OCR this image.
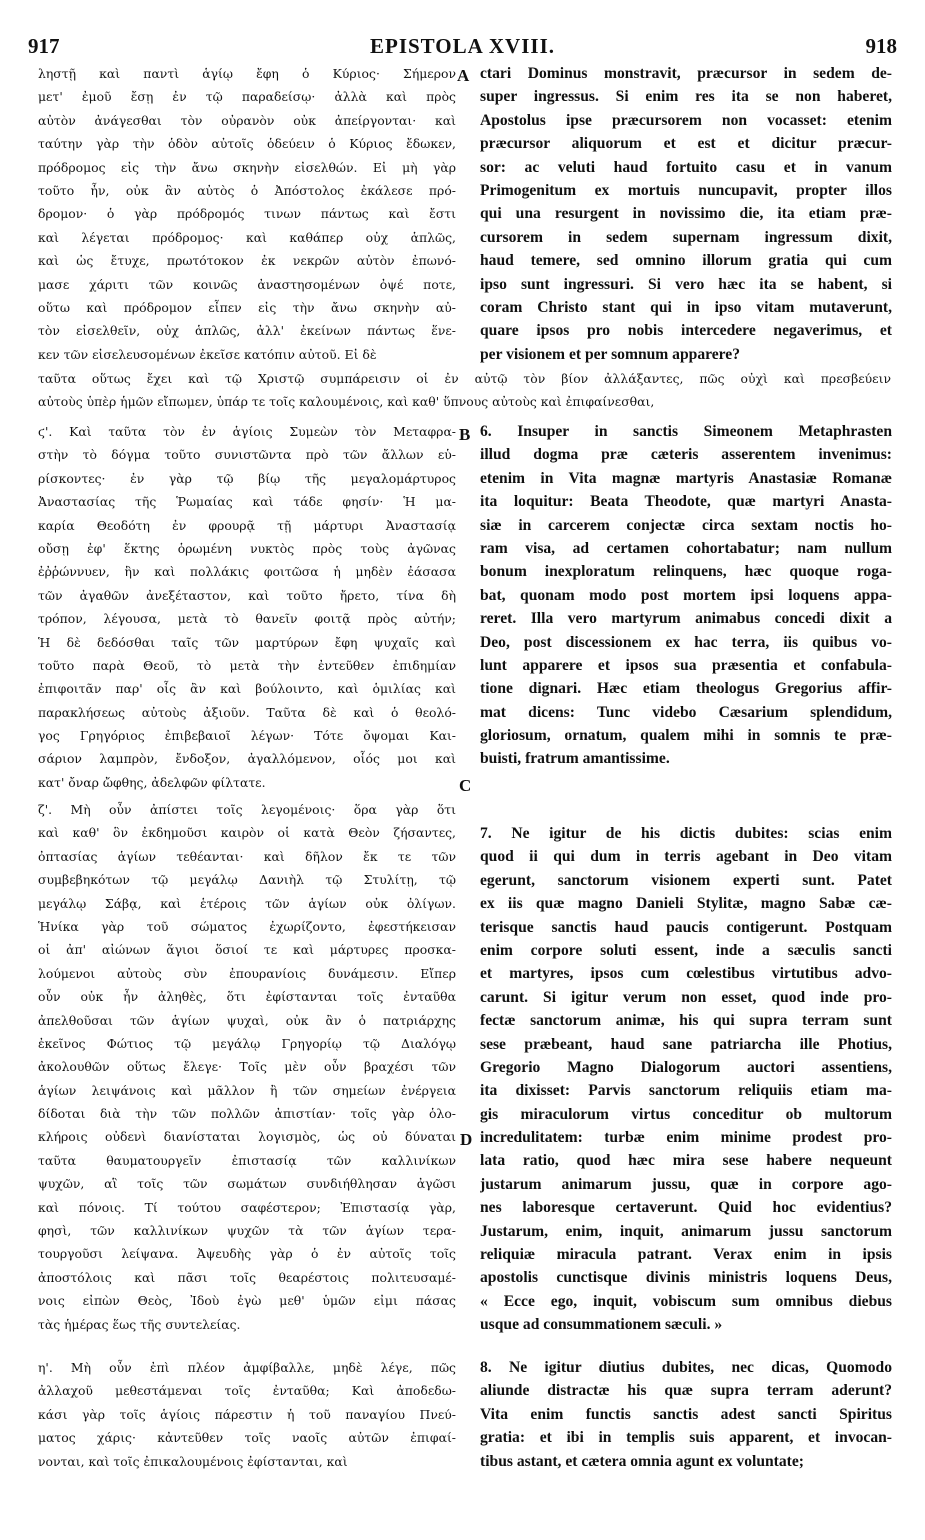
917	EPISTOLA XVIII.	918
ληστῇ καὶ παντὶ ἁγίῳ ἔφη ὁ Κύριος· Σήμερον
μετ' ἐμοῦ ἔσῃ ἐν τῷ παραδείσῳ· ἀλλὰ καὶ πρὸς
αὐτὸν ἀνάγεσθαι τὸν οὐρανὸν οὐκ ἀπείργονται· καὶ
ταύτην γὰρ τὴν ὁδὸν αὐτοῖς ὁδεύειν ὁ Κύριος ἔδωκεν,
πρόδρομος εἰς τὴν ἄνω σκηνὴν εἰσελθών. Εἰ μὴ γὰρ
τοῦτο ἦν, οὐκ ἂν αὐτὸς ὁ Ἀπόστολος ἐκάλεσε πρό-
δρομον· ὁ γὰρ πρόδρομός τινων πάντως καὶ ἔστι
καὶ λέγεται πρόδρομος· καὶ καθάπερ οὐχ ἁπλῶς,
καὶ ὡς ἔτυχε, πρωτότοκον ἐκ νεκρῶν αὐτὸν ἐπωνό-
μασε χάριτι τῶν κοινῶς ἀναστησομένων ὀψέ ποτε,
οὕτω καὶ πρόδρομον εἶπεν εἰς τὴν ἄνω σκηνὴν αὐ-
τὸν εἰσελθεῖν, οὐχ ἁπλῶς, ἀλλ' ἐκείνων πάντως ἕνε-
κεν τῶν εἰσελευσομένων ἐκεῖσε κατόπιν αὐτοῦ. Εἰ δὲ
ctari Dominus monstravit, præcursor in sedem de-
super ingressus. Si enim res ita se non haberet,
Apostolus ipse præcursorem non vocasset: etenim
præcursor aliquorum et est et dicitur præcur-
sor: ac veluti haud fortuito casu et in vanum
Primogenitum ex mortuis nuncupavit, propter illos
qui una resurgent in novissimo die, ita etiam præ-
cursorem in sedem supernam ingressum dixit,
haud temere, sed omnino illorum gratia qui cum
ipso sunt ingressuri. Si vero hæc ita se habent, si
coram Christo stant qui in ipso vitam mutaverunt,
quare ipsos pro nobis intercedere negaverimus, et
per visionem et per somnum apparere?
ταῦτα οὕτως ἔχει καὶ τῷ Χριστῷ συμπάρεισιν οἱ ἐν αὐτῷ τὸν βίον ἀλλάξαντες, πῶς οὐχὶ καὶ πρεσβεύειν
αὐτοὺς ὑπὲρ ἡμῶν εἴπωμεν, ὑπάρ τε τοῖς καλουμένοις, καὶ καθ' ὕπνους αὐτοὺς καὶ ἐπιφαίνεσθαι,
ϛ'. Καὶ ταῦτα τὸν ἐν ἁγίοις Συμεὼν τὸν Μεταφρα-
στὴν τὸ δόγμα τοῦτο συνιστῶντα πρὸ τῶν ἄλλων εὑ-
ρίσκοντες· ἐν γὰρ τῷ βίῳ τῆς μεγαλομάρτυρος
Ἀναστασίας τῆς Ῥωμαίας καὶ τάδε φησίν· Ἡ μα-
καρία Θεοδότη ἐν φρουρᾷ τῇ μάρτυρι Ἀναστασίᾳ
οὔσῃ ἐφ' ἕκτης ὁρωμένη νυκτὸς πρὸς τοὺς ἀγῶνας
ἐῤῥώννυεν, ἣν καὶ πολλάκις φοιτῶσα ἡ μηδὲν ἐάσασα
τῶν ἀγαθῶν ἀνεξέταστον, καὶ τοῦτο ἤρετο, τίνα δὴ
τρόπον, λέγουσα, μετὰ τὸ θανεῖν φοιτᾷ πρὸς αὐτήν;
Ἡ δὲ δεδόσθαι ταῖς τῶν μαρτύρων ἔφη ψυχαῖς καὶ
τοῦτο παρὰ Θεοῦ, τὸ μετὰ τὴν ἐντεῦθεν ἐπιδημίαν
ἐπιφοιτᾶν παρ' οἷς ἂν καὶ βούλοιντο, καὶ ὁμιλίας καὶ
παρακλήσεως αὐτοὺς ἀξιοῦν. Ταῦτα δὲ καὶ ὁ θεολό-
γος Γρηγόριος ἐπιβεβαιοῖ λέγων· Τότε ὄψομαι Και-
σάριον λαμπρὸν, ἔνδοξον, ἀγαλλόμενον, οἷός μοι καὶ
κατ' ὄναρ ὤφθης, ἀδελφῶν φίλτατε.
6. Insuper in sanctis Simeonem Metaphrasten
illud dogma præ cæteris asserentem invenimus:
etenim in Vita magnæ martyris Anastasiæ Romanæ
ita loquitur: Beata Theodote, quæ martyri Anasta-
siæ in carcerem conjectæ circa sextam noctis ho-
ram visa, ad certamen cohortabatur; nam nullum
bonum inexploratum relinquens, hæc quoque roga-
bat, quonam modo post mortem ipsi loquens appa-
reret. Illa vero martyrum animabus concedi dixit a
Deo, post discessionem ex hac terra, iis quibus vo-
lunt apparere et ipsos sua præsentia et confabula-
tione dignari. Hæc etiam theologus Gregorius affir-
mat dicens: Tunc videbo Cæsarium splendidum,
gloriosum, ornatum, qualem mihi in somnis te præ-
buisti, fratrum amantissime.
ζ'. Μὴ οὖν ἀπίστει τοῖς λεγομένοις· ὅρα γὰρ ὅτι
καὶ καθ' ὃν ἐκδημοῦσι καιρὸν οἱ κατὰ Θεὸν ζήσαντες,
ὀπτασίας ἁγίων τεθέανται· καὶ δῆλον ἔκ τε τῶν
συμβεβηκότων τῷ μεγάλῳ Δανιὴλ τῷ Στυλίτῃ, τῷ
μεγάλῳ Σάβᾳ, καὶ ἑτέροις τῶν ἁγίων οὐκ ὀλίγων.
Ἡνίκα γὰρ τοῦ σώματος ἐχωρίζοντο, ἐφεστήκεισαν
οἱ ἀπ' αἰώνων ἅγιοι ὅσιοί τε καὶ μάρτυρες προσκα-
λούμενοι αὐτοὺς σὺν ἐπουρανίοις δυνάμεσιν. Εἴπερ
οὖν οὐκ ἦν ἀληθὲς, ὅτι ἐφίστανται τοῖς ἐνταῦθα
ἀπελθοῦσαι τῶν ἁγίων ψυχαὶ, οὐκ ἂν ὁ πατριάρχης
ἐκεῖνος Φώτιος τῷ μεγάλῳ Γρηγορίῳ τῷ Διαλόγῳ
ἀκολουθῶν οὕτως ἔλεγε· Τοῖς μὲν οὖν βραχέσι τῶν
ἁγίων λειψάνοις καὶ μᾶλλον ἢ τῶν σημείων ἐνέργεια
δίδοται διὰ τὴν τῶν πολλῶν ἀπιστίαν· τοῖς γὰρ ὁλο-
κλήροις οὐδενὶ διανίσταται λογισμὸς, ὡς οὐ δύναται
ταῦτα θαυματουργεῖν ἐπιστασίᾳ τῶν καλλινίκων
ψυχῶν, αἳ τοῖς τῶν σωμάτων συνδιήθλησαν ἀγῶσι
καὶ πόνοις. Τί τούτου σαφέστερον; Ἐπιστασίᾳ γὰρ,
φησὶ, τῶν καλλινίκων ψυχῶν τὰ τῶν ἁγίων τερα-
τουργοῦσι λείψανα. Ἀψευδὴς γὰρ ὁ ἐν αὐτοῖς τοῖς
ἀποστόλοις καὶ πᾶσι τοῖς θεαρέστοις πολιτευσαμέ-
νοις εἰπὼν Θεὸς, Ἰδοὺ ἐγὼ μεθ' ὑμῶν εἰμι πάσας
τὰς ἡμέρας ἕως τῆς συντελείας.
7. Ne igitur de his dictis dubites: scias enim
quod ii qui dum in terris agebant in Deo vitam
egerunt, sanctorum visionem experti sunt. Patet
ex iis quæ magno Danieli Stylitæ, magno Sabæ cæ-
terisque sanctis haud paucis contigerunt. Postquam
enim corpore soluti essent, inde a sæculis sancti
et martyres, ipsos cum cœlestibus virtutibus advo-
carunt. Si igitur verum non esset, quod inde pro-
fectæ sanctorum animæ, his qui supra terram sunt
sese præbeant, haud sane patriarcha ille Photius,
Gregorio Magno Dialogorum auctori assentiens,
ita dixisset: Parvis sanctorum reliquiis etiam ma-
gis miraculorum virtus conceditur ob multorum
incredulitatem: turbæ enim minime prodest pro-
lata ratio, quod hæc mira sese habere nequeunt
justarum animarum jussu, quæ in corpore ago-
nes laboresque certaverunt. Quid hoc evidentius?
Justarum, enim, inquit, animarum jussu sanctorum
reliquiæ miracula patrant. Verax enim in ipsis
apostolis cunctisque divinis ministris loquens Deus,
« Ecce ego, inquit, vobiscum sum omnibus diebus
usque ad consummationem sæculi. »
η'. Μὴ οὖν ἐπὶ πλέον ἀμφίβαλλε, μηδὲ λέγε, πῶς
ἀλλαχοῦ μεθεστάμεναι τοῖς ἐνταῦθα; Καὶ ἀποδεδω-
κάσι γὰρ τοῖς ἁγίοις πάρεστιν ἡ τοῦ παναγίου Πνεύ-
ματος χάρις· κἀντεῦθεν τοῖς ναοῖς αὐτῶν ἐπιφαί-
νονται, καὶ τοῖς ἐπικαλουμένοις ἐφίστανται, καὶ
8. Ne igitur diutius dubites, nec dicas, Quomodo
aliunde distractæ his quæ supra terram aderunt?
Vita enim functis sanctis adest sancti Spiritus
gratia: et ibi in templis suis apparent, et invocan-
tibus astant, et cætera omnia agunt ex voluntate;
A
B
C
D
